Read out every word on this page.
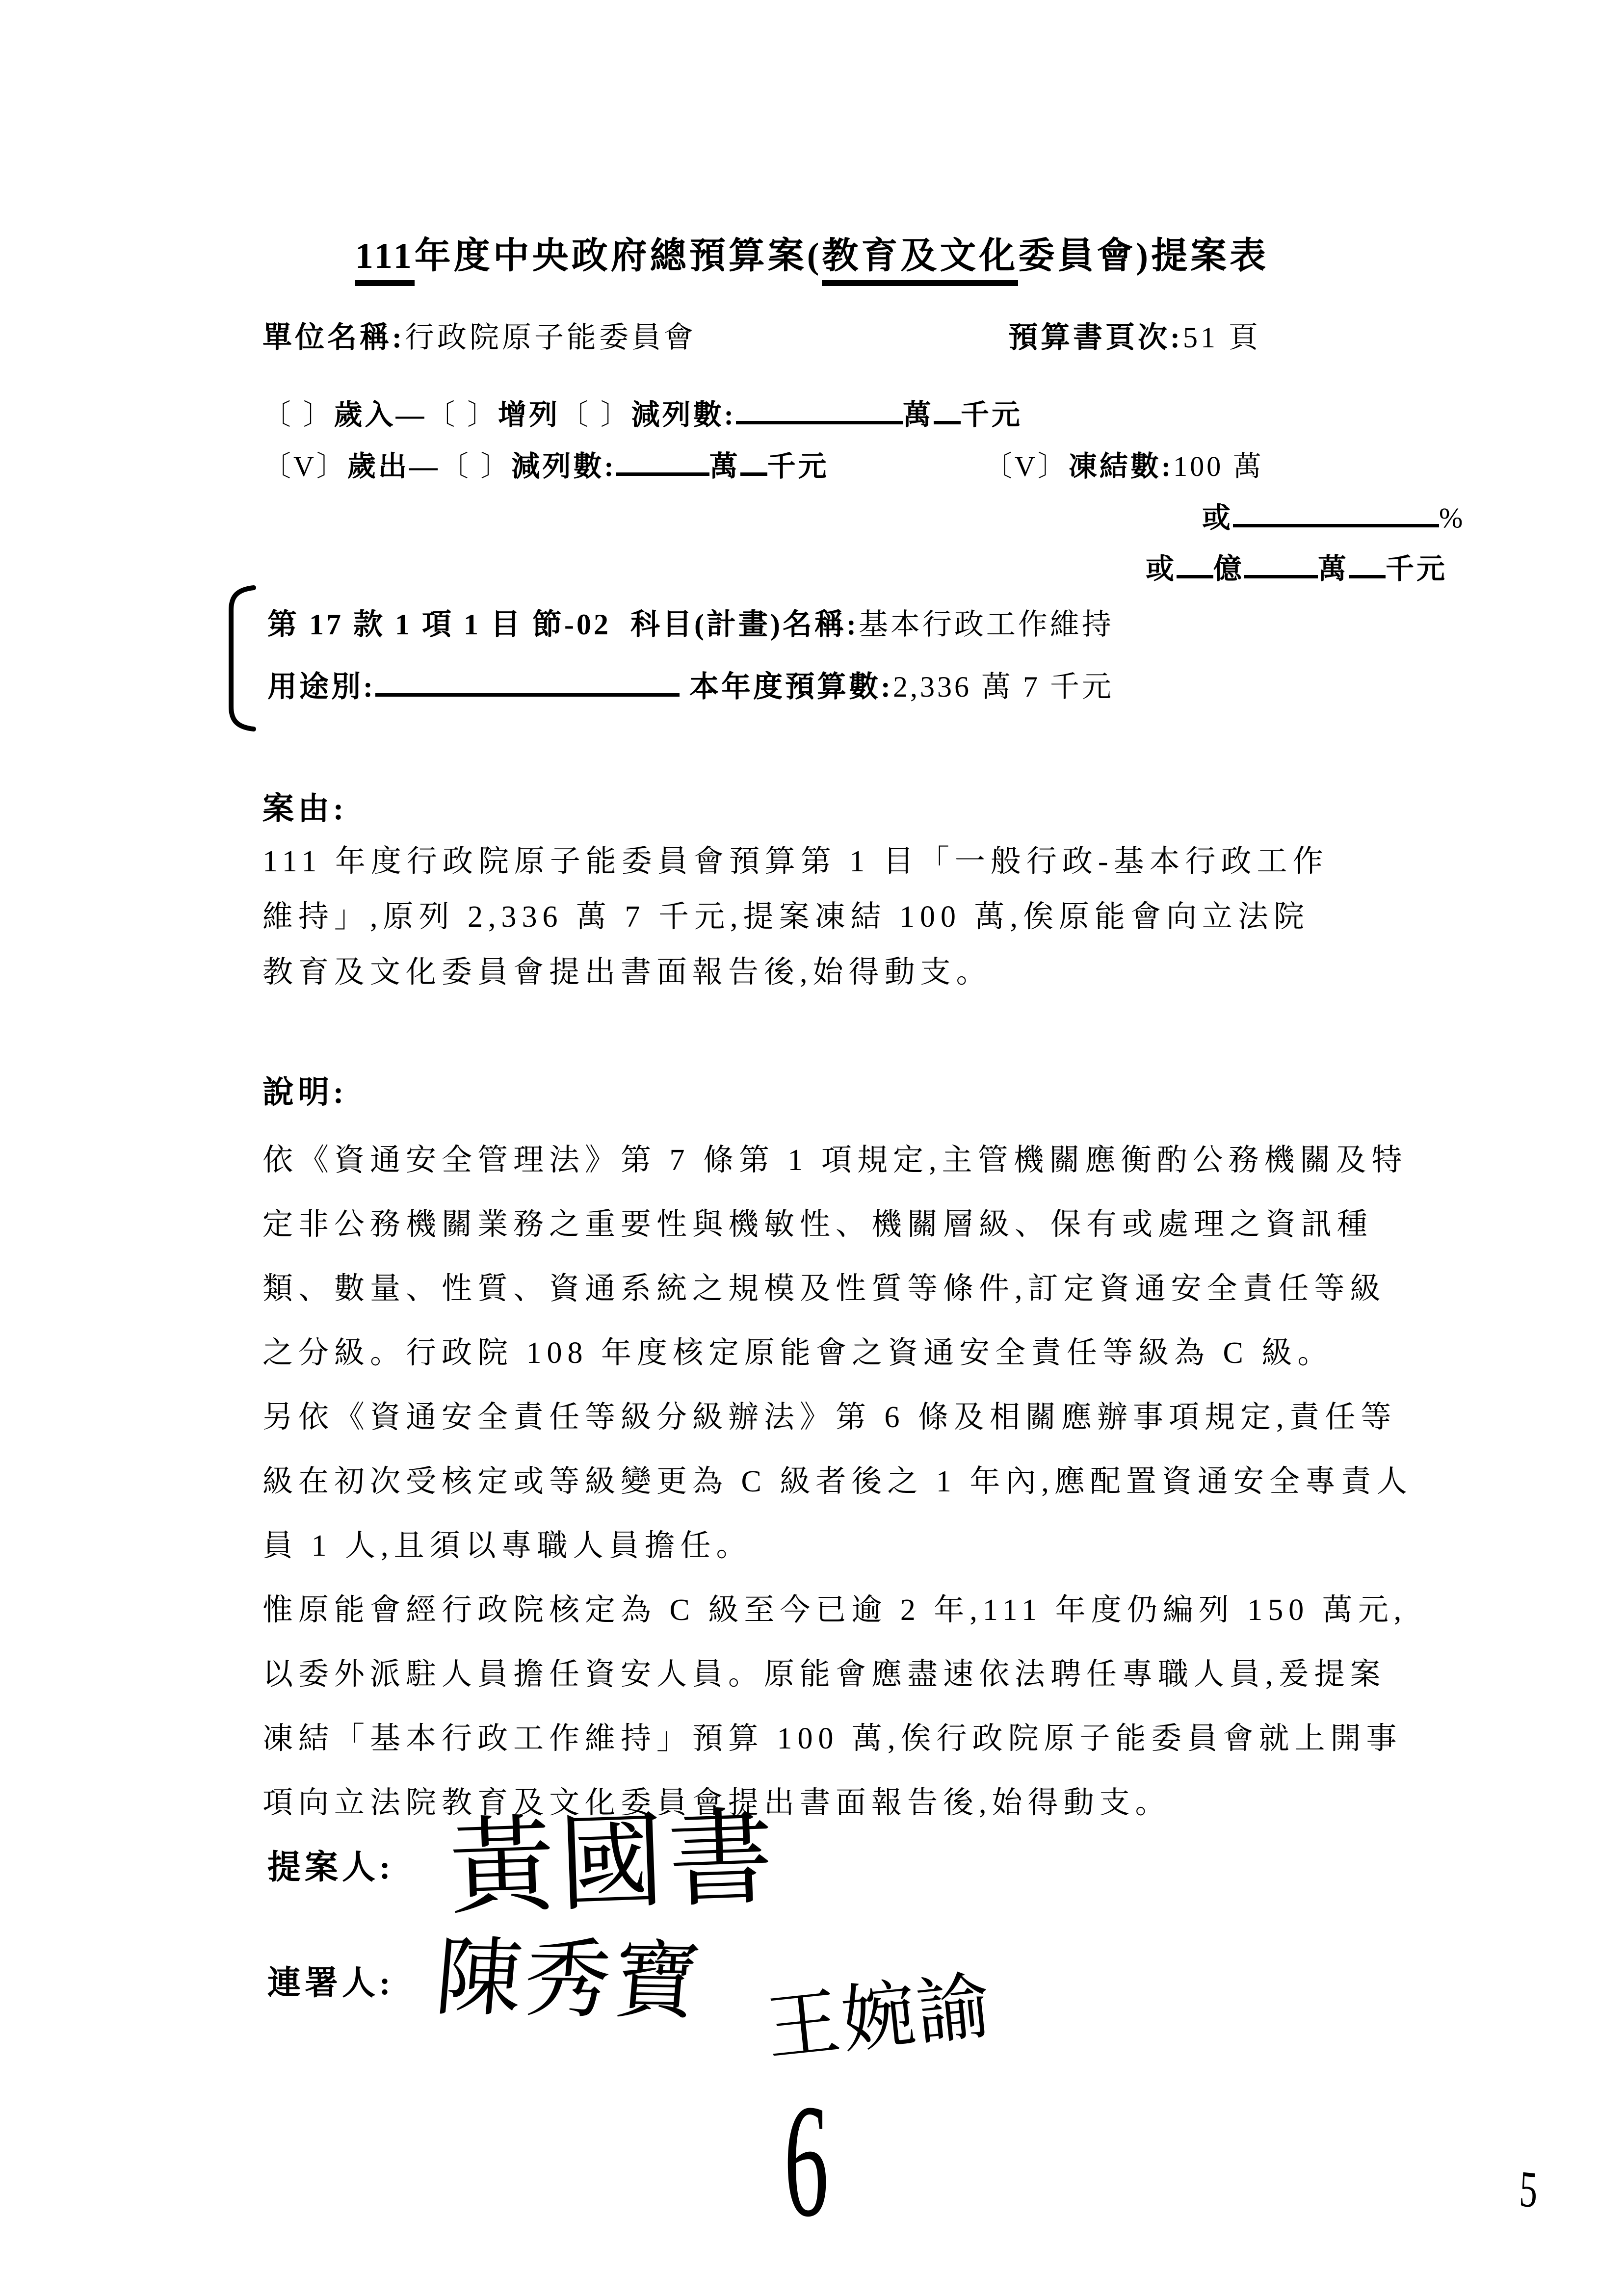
111年度中央政府總預算案(教育及文化委員會)提案表
單位名稱:行政院原子能委員會	預算書頁次:51 頁
〔 〕歲入—〔 〕增列〔 〕減列數:	萬 千元
〔V〕歲出—〔 〕減列數:	萬 千元	〔V〕凍結數:100 萬
或	%
或 億	萬 千元
第 17 款 1 項 1 目 節-02 科目(計畫)名稱:基本行政工作維持
用途別:	本年度預算數:2,336 萬 7 千元
案由:
111 年度行政院原子能委員會預算第 1 目「一般行政-基本行政工作
維持」,原列 2,336 萬 7 千元,提案凍結 100 萬,俟原能會向立法院
教育及文化委員會提出書面報告後,始得動支。
說明:
依《資通安全管理法》第 7 條第 1 項規定,主管機關應衡酌公務機關及特
定非公務機關業務之重要性與機敏性、機關層級、保有或處理之資訊種
類、數量、性質、資通系統之規模及性質等條件,訂定資通安全責任等級
之分級。行政院 108 年度核定原能會之資通安全責任等級為 C 級。
另依《資通安全責任等級分級辦法》第 6 條及相關應辦事項規定,責任等
級在初次受核定或等級變更為 C 級者後之 1 年內,應配置資通安全專責人
員 1 人,且須以專職人員擔任。
惟原能會經行政院核定為 C 級至今已逾 2 年,111 年度仍編列 150 萬元,
以委外派駐人員擔任資安人員。原能會應盡速依法聘任專職人員,爰提案
凍結「基本行政工作維持」預算 100 萬,俟行政院原子能委員會就上開事
項向立法院教育及文化委員會提出書面報告後,始得動支。
提案人: 黃國書
連署人: 陳秀寶 王婉諭
6	5
